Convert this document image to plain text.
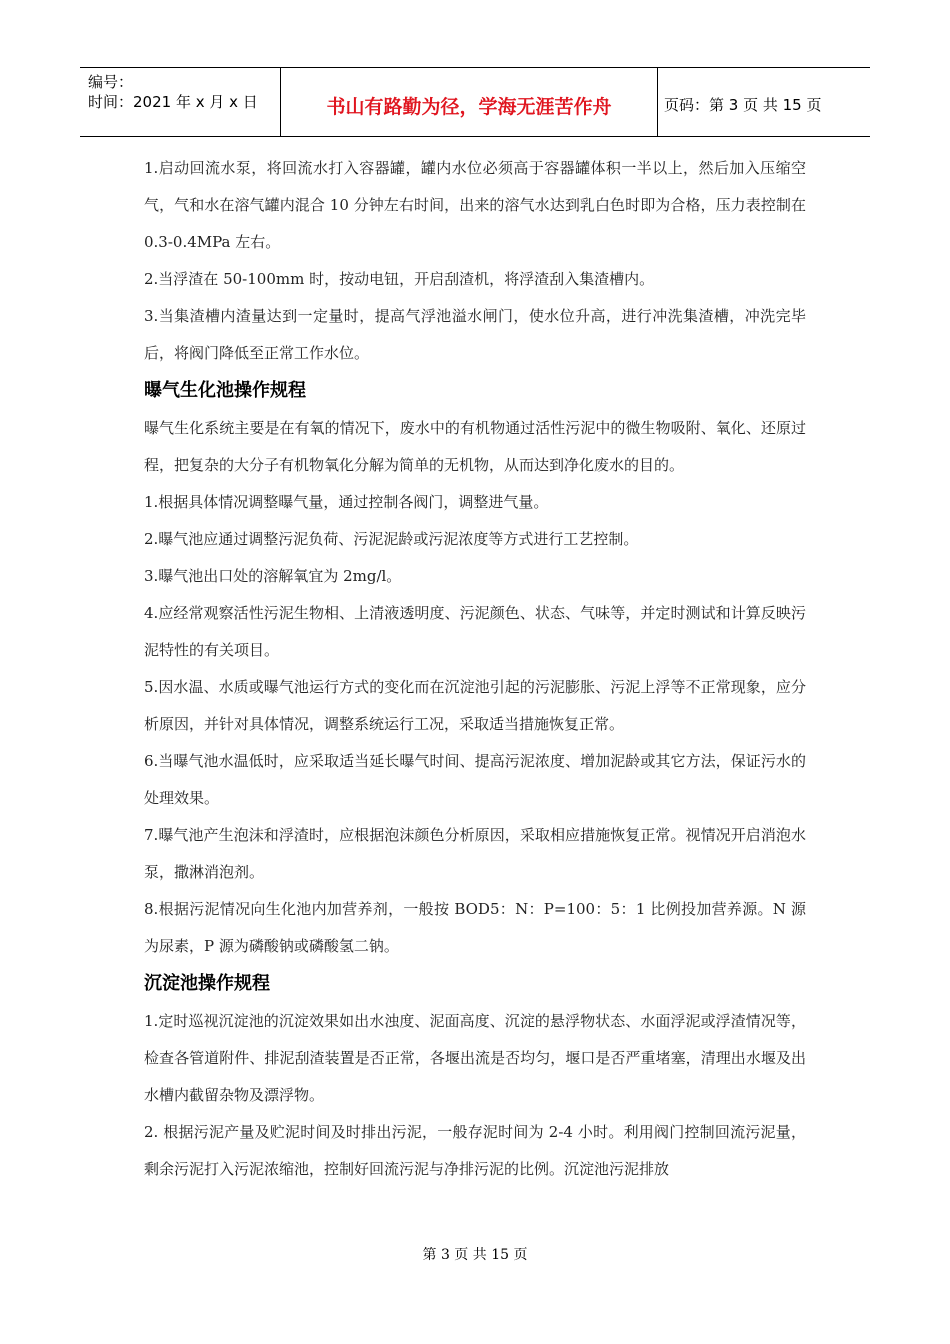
编号：
时间：2021 年 x 月 x 日	书山有路勤为径，学海无涯苦作舟	页码：第 3 页 共 15 页

1.启动回流水泵，将回流水打入容器罐，罐内水位必须高于容器罐体积一半以上，然后加入压缩空气，气和水在溶气罐内混合 10 分钟左右时间，出来的溶气水达到乳白色时即为合格，压力表控制在 0.3-0.4MPa 左右。

2.当浮渣在 50-100mm 时，按动电钮，开启刮渣机，将浮渣刮入集渣槽内。

3.当集渣槽内渣量达到一定量时，提高气浮池溢水闸门，使水位升高，进行冲洗集渣槽，冲洗完毕后，将阀门降低至正常工作水位。

曝气生化池操作规程

曝气生化系统主要是在有氧的情况下，废水中的有机物通过活性污泥中的微生物吸附、氧化、还原过程，把复杂的大分子有机物氧化分解为简单的无机物，从而达到净化废水的目的。

1.根据具体情况调整曝气量，通过控制各阀门，调整进气量。

2.曝气池应通过调整污泥负荷、污泥泥龄或污泥浓度等方式进行工艺控制。

3.曝气池出口处的溶解氧宜为 2mg/l。

4.应经常观察活性污泥生物相、上清液透明度、污泥颜色、状态、气味等，并定时测试和计算反映污泥特性的有关项目。

5.因水温、水质或曝气池运行方式的变化而在沉淀池引起的污泥膨胀、污泥上浮等不正常现象，应分析原因，并针对具体情况，调整系统运行工况，采取适当措施恢复正常。

6.当曝气池水温低时，应采取适当延长曝气时间、提高污泥浓度、增加泥龄或其它方法，保证污水的处理效果。

7.曝气池产生泡沫和浮渣时，应根据泡沫颜色分析原因，采取相应措施恢复正常。视情况开启消泡水泵，撒淋消泡剂。

8.根据污泥情况向生化池内加营养剂，一般按 BOD5：N：P=100：5：1 比例投加营养源。N 源为尿素，P 源为磷酸钠或磷酸氢二钠。

沉淀池操作规程

1.定时巡视沉淀池的沉淀效果如出水浊度、泥面高度、沉淀的悬浮物状态、水面浮泥或浮渣情况等，检查各管道附件、排泥刮渣装置是否正常，各堰出流是否均匀，堰口是否严重堵塞，清理出水堰及出水槽内截留杂物及漂浮物。

2. 根据污泥产量及贮泥时间及时排出污泥，一般存泥时间为 2-4 小时。利用阀门控制回流污泥量，剩余污泥打入污泥浓缩池，控制好回流污泥与净排污泥的比例。沉淀池污泥排放

第 3 页 共 15 页
